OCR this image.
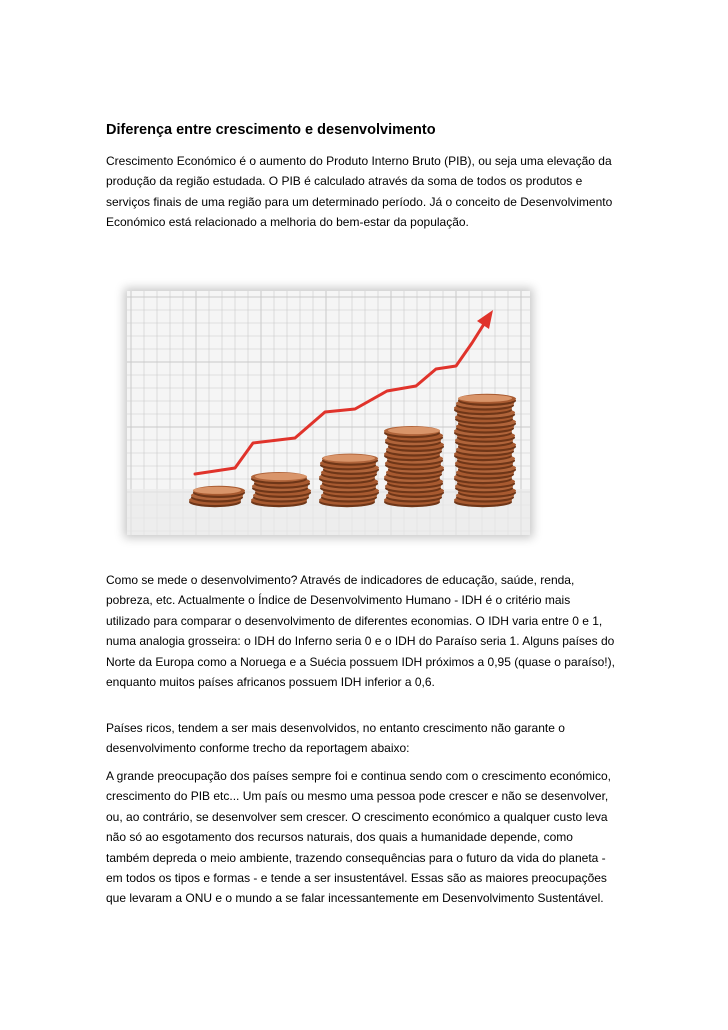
Diferença entre crescimento e desenvolvimento

Crescimento Económico é o aumento do Produto Interno Bruto (PIB), ou seja uma elevação da
produção da região estudada. O PIB é calculado através da soma de todos os produtos e
serviços finais de uma região para um determinado período. Já o conceito de Desenvolvimento
Económico está relacionado a melhoria do bem-estar da população.

Como se mede o desenvolvimento? Através de indicadores de educação, saúde, renda,
pobreza, etc. Actualmente o Índice de Desenvolvimento Humano - IDH é o critério mais
utilizado para comparar o desenvolvimento de diferentes economias. O IDH varia entre 0 e 1,
numa analogia grosseira: o IDH do Inferno seria 0 e o IDH do Paraíso seria 1. Alguns países do
Norte da Europa como a Noruega e a Suécia possuem IDH próximos a 0,95 (quase o paraíso!),
enquanto muitos países africanos possuem IDH inferior a 0,6.

Países ricos, tendem a ser mais desenvolvidos, no entanto crescimento não garante o
desenvolvimento conforme trecho da reportagem abaixo:

A grande preocupação dos países sempre foi e continua sendo com o crescimento económico,
crescimento do PIB etc... Um país ou mesmo uma pessoa pode crescer e não se desenvolver,
ou, ao contrário, se desenvolver sem crescer. O crescimento económico a qualquer custo leva
não só ao esgotamento dos recursos naturais, dos quais a humanidade depende, como
também depreda o meio ambiente, trazendo consequências para o futuro da vida do planeta -
em todos os tipos e formas - e tende a ser insustentável. Essas são as maiores preocupações
que levaram a ONU e o mundo a se falar incessantemente em Desenvolvimento Sustentável.
